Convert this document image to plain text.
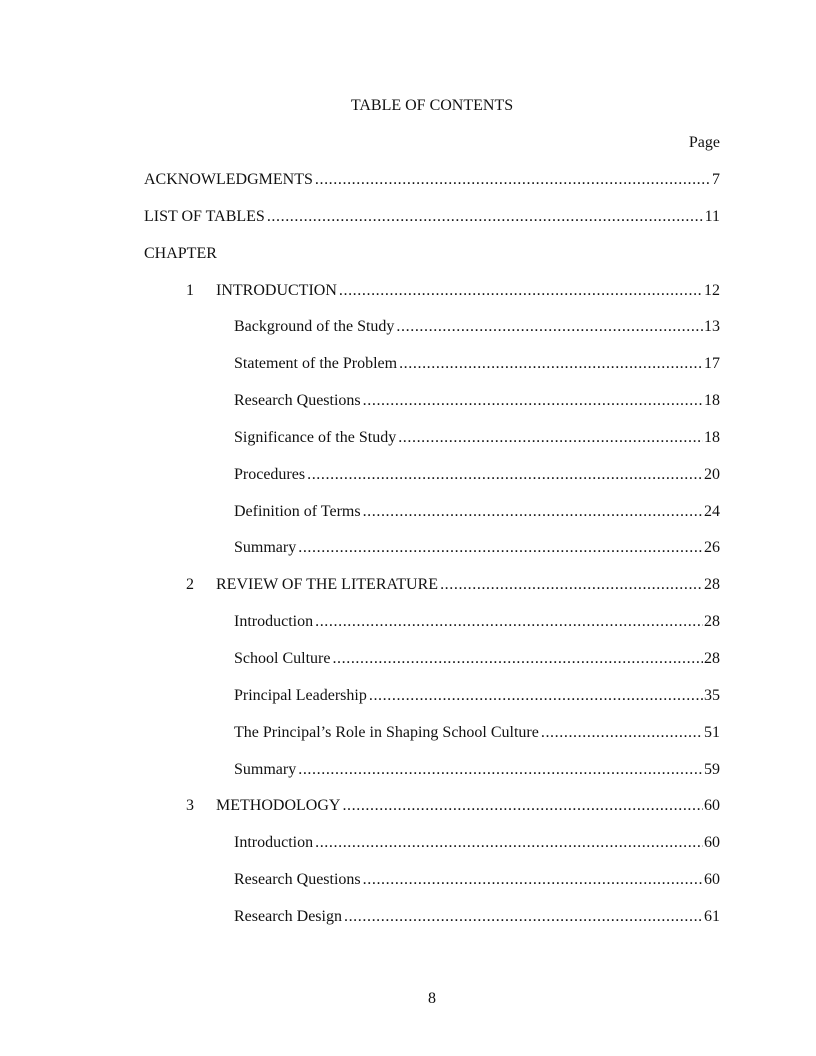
TABLE OF CONTENTS
Page
ACKNOWLEDGMENTS .....	7
LIST OF TABLES .....	11
CHAPTER
1	INTRODUCTION .....	12
Background of the Study .....	13
Statement of the Problem .....	17
Research Questions .....	18
Significance of the Study .....	18
Procedures .....	20
Definition of Terms .....	24
Summary .....	26
2	REVIEW OF THE LITERATURE .....	28
Introduction .....	28
School Culture .....	28
Principal Leadership .....	35
The Principal’s Role in Shaping School Culture .....	51
Summary .....	59
3	METHODOLOGY .....	60
Introduction .....	60
Research Questions .....	60
Research Design .....	61
8
